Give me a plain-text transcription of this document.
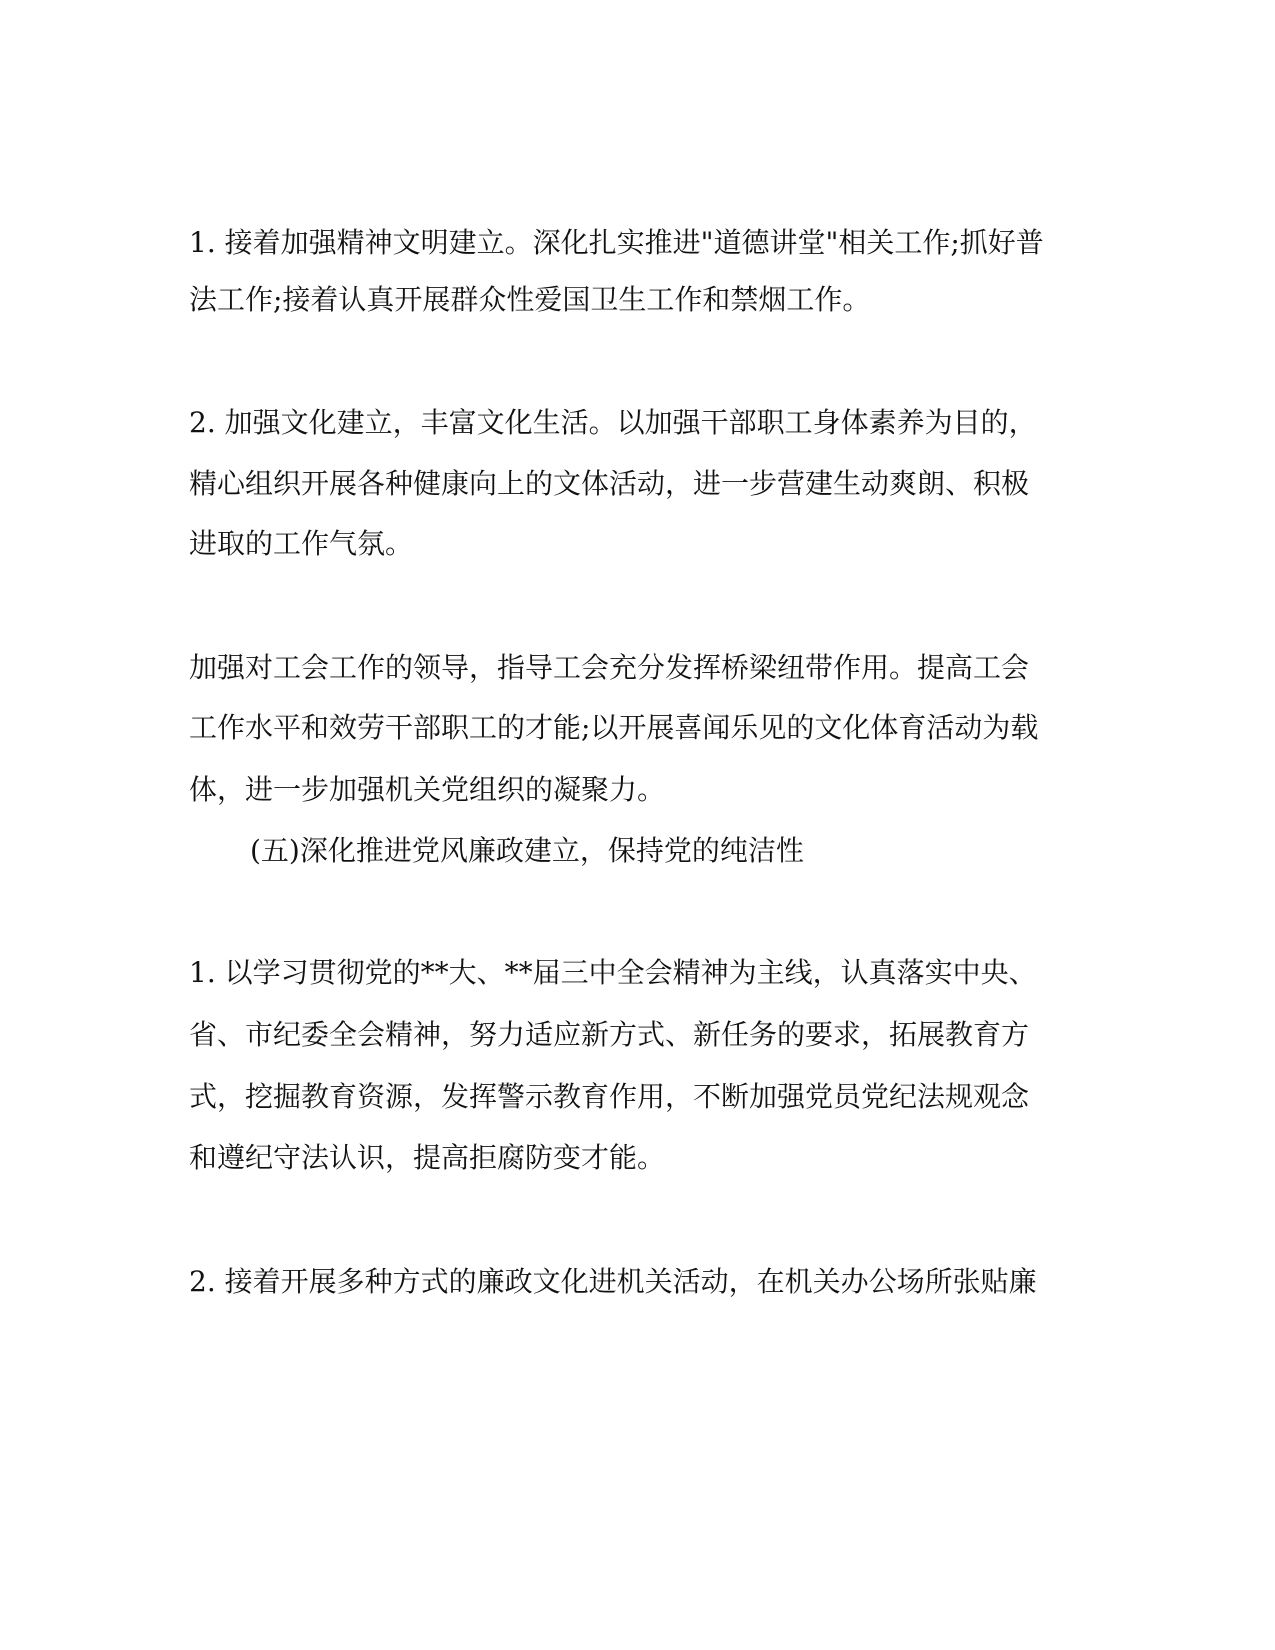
1. 接着加强精神文明建立。深化扎实推进"道德讲堂"相关工作;抓好普
法工作;接着认真开展群众性爱国卫生工作和禁烟工作。
2. 加强文化建立，丰富文化生活。以加强干部职工身体素养为目的，
精心组织开展各种健康向上的文体活动，进一步营建生动爽朗、积极
进取的工作气氛。
加强对工会工作的领导，指导工会充分发挥桥梁纽带作用。提高工会
工作水平和效劳干部职工的才能;以开展喜闻乐见的文化体育活动为载
体，进一步加强机关党组织的凝聚力。
(五)深化推进党风廉政建立，保持党的纯洁性
1. 以学习贯彻党的**大、**届三中全会精神为主线，认真落实中央、
省、市纪委全会精神，努力适应新方式、新任务的要求，拓展教育方
式，挖掘教育资源，发挥警示教育作用，不断加强党员党纪法规观念
和遵纪守法认识，提高拒腐防变才能。
2. 接着开展多种方式的廉政文化进机关活动，在机关办公场所张贴廉
